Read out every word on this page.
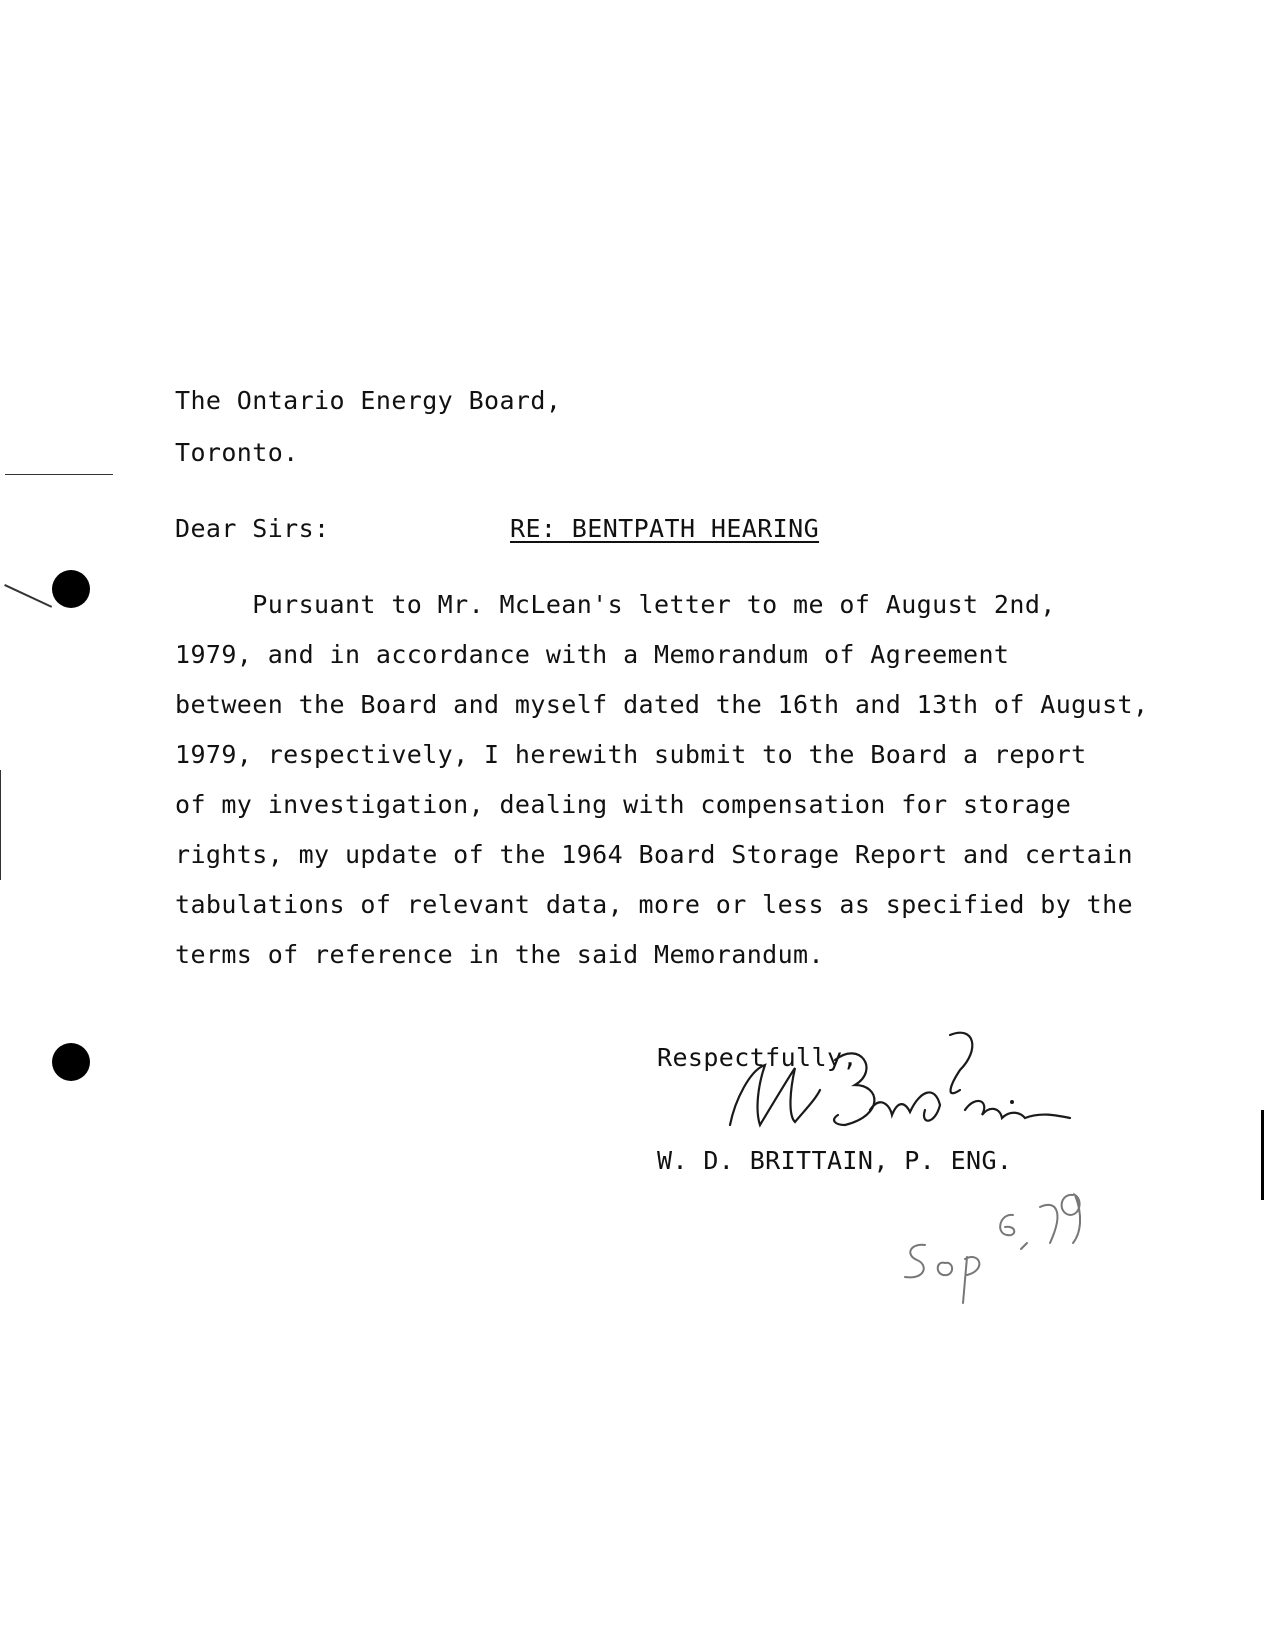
The Ontario Energy Board,
Toronto.
Dear Sirs:	RE: BENTPATH HEARING
Pursuant to Mr. McLean's letter to me of August 2nd,
1979, and in accordance with a Memorandum of Agreement
between the Board and myself dated the 16th and 13th of August,
1979, respectively, I herewith submit to the Board a report
of my investigation, dealing with compensation for storage
rights, my update of the 1964 Board Storage Report and certain
tabulations of relevant data, more or less as specified by the
terms of reference in the said Memorandum.
Respectfully,
W. D. BRITTAIN, P. ENG.
